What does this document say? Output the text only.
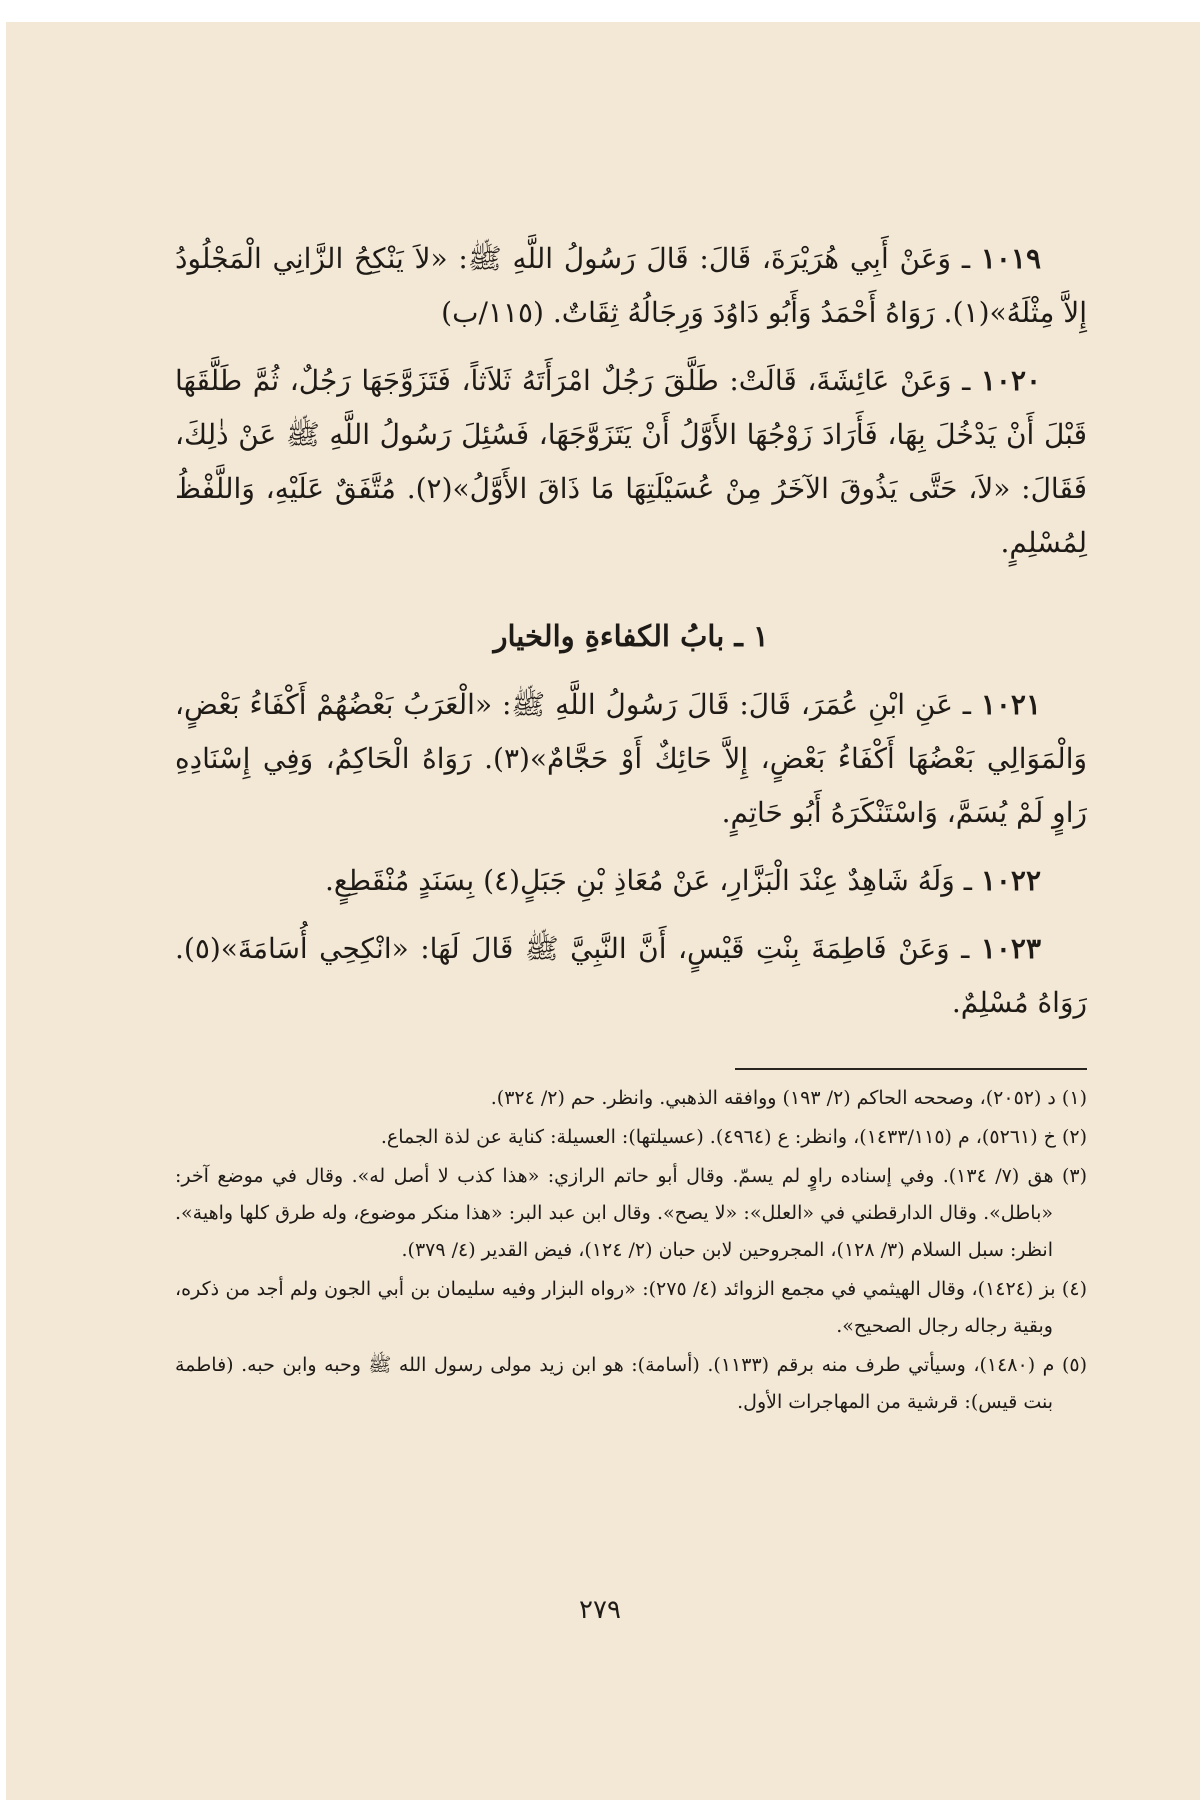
١٠١٩ ـ وَعَنْ أَبِي هُرَيْرَةَ، قَالَ: قَالَ رَسُولُ اللَّهِ ﷺ: «لاَ يَنْكِحُ الزَّانِي الْمَجْلُودُ إِلاَّ مِثْلَهُ»(١). رَوَاهُ أَحْمَدُ وَأَبُو دَاوُدَ وَرِجَالُهُ ثِقَاتٌ. (١١٥/ب)

١٠٢٠ ـ وَعَنْ عَائِشَةَ، قَالَتْ: طَلَّقَ رَجُلٌ امْرَأَتَهُ ثَلاَثاً، فَتَزَوَّجَهَا رَجُلٌ، ثُمَّ طَلَّقَهَا قَبْلَ أَنْ يَدْخُلَ بِهَا، فَأَرَادَ زَوْجُهَا الأَوَّلُ أَنْ يَتَزَوَّجَهَا، فَسُئِلَ رَسُولُ اللَّهِ ﷺ عَنْ ذٰلِكَ، فَقَالَ: «لاَ، حَتَّى يَذُوقَ الآخَرُ مِنْ عُسَيْلَتِهَا مَا ذَاقَ الأَوَّلُ»(٢). مُتَّفَقٌ عَلَيْهِ، وَاللَّفْظُ لِمُسْلِمٍ.

١ ـ بابُ الكفاءةِ والخيار

١٠٢١ ـ عَنِ ابْنِ عُمَرَ، قَالَ: قَالَ رَسُولُ اللَّهِ ﷺ: «الْعَرَبُ بَعْضُهُمْ أَكْفَاءُ بَعْضٍ، وَالْمَوَالِي بَعْضُهَا أَكْفَاءُ بَعْضٍ، إِلاَّ حَائِكٌ أَوْ حَجَّامٌ»(٣). رَوَاهُ الْحَاكِمُ، وَفِي إِسْنَادِهِ رَاوٍ لَمْ يُسَمَّ، وَاسْتَنْكَرَهُ أَبُو حَاتِمٍ.

١٠٢٢ ـ وَلَهُ شَاهِدٌ عِنْدَ الْبَزَّارِ، عَنْ مُعَاذِ بْنِ جَبَلٍ(٤) بِسَنَدٍ مُنْقَطِعٍ.

١٠٢٣ ـ وَعَنْ فَاطِمَةَ بِنْتِ قَيْسٍ، أَنَّ النَّبِيَّ ﷺ قَالَ لَهَا: «انْكِحِي أُسَامَةَ»(٥). رَوَاهُ مُسْلِمٌ.

(١) د (٢٠٥٢)، وصححه الحاكم (٢/ ١٩٣) ووافقه الذهبي. وانظر. حم (٢/ ٣٢٤).

(٢) خ (٥٢٦١)، م (١٤٣٣/١١٥)، وانظر: ع (٤٩٦٤). (عسيلتها): العسيلة: كناية عن لذة الجماع.

(٣) هق (٧/ ١٣٤). وفي إسناده راوٍ لم يسمّ. وقال أبو حاتم الرازي: «هذا كذب لا أصل له». وقال في موضع آخر: «باطل». وقال الدارقطني في «العلل»: «لا يصح». وقال ابن عبد البر: «هذا منكر موضوع، وله طرق كلها واهية». انظر: سبل السلام (٣/ ١٢٨)، المجروحين لابن حبان (٢/ ١٢٤)، فيض القدير (٤/ ٣٧٩).

(٤) بز (١٤٢٤)، وقال الهيثمي في مجمع الزوائد (٤/ ٢٧٥): «رواه البزار وفيه سليمان بن أبي الجون ولم أجد من ذكره، وبقية رجاله رجال الصحيح».

(٥) م (١٤٨٠)، وسيأتي طرف منه برقم (١١٣٣). (أسامة): هو ابن زيد مولى رسول الله ﷺ وحبه وابن حبه. (فاطمة بنت قيس): قرشية من المهاجرات الأول.

٢٧٩
